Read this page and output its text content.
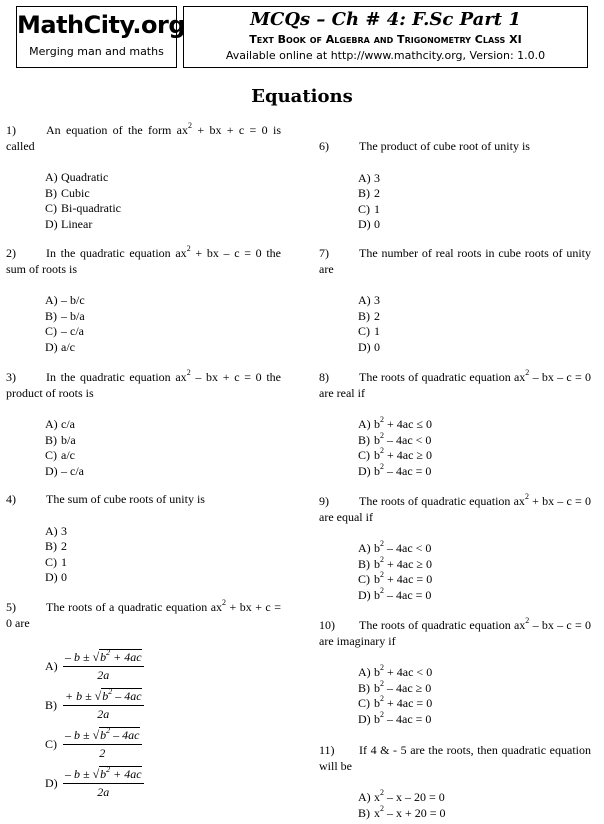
MathCity.org
Merging man and maths
MCQs – Ch # 4: F.Sc Part 1
Text Book of Algebra and Trigonometry Class XI
Available online at http://www.mathcity.org, Version: 1.0.0
Equations
1)	An equation of the form $ax^2$ + bx + c = 0 is called
A) Quadratic
B) Cubic
C) Bi-quadratic
D) Linear
2)	In the quadratic equation $ax^2$ + bx – c = 0 the sum of roots is
A) – b/c
B) – b/a
C) – c/a
D) a/c
3)	In the quadratic equation $ax^2$ – bx + c = 0 the product of roots is
A) c/a
B) b/a
C) a/c
D) – c/a
4)	The sum of cube roots of unity is
A) 3
B) 2
C) 1
D) 0
5)	The roots of a quadratic equation $ax^2$ + bx + c = 0 are
$A) \frac{- b \pm √b^2 + 4ac}{2a}$
$B) \frac{+ b \pm √b^2 - 4ac}{2a}$
$C) \frac{- b \pm √b^2 - 4ac}{2}$
$D) \frac{- b \pm √b^2 + 4ac}{2a}$
6)	The product of cube root of unity is
A) 3
B) 2
C) 1
D) 0
7)	The number of real roots in cube roots of unity are
A) 3
B) 2
C) 1
D) 0
8)	The roots of quadratic equation $ax^2$ – bx – c = 0 are real if
A) $b^2 + 4ac \le 0$
B) $b^2 - 4ac < 0$
C) $b^2 + 4ac \ge 0$
D) $b^2 - 4ac = 0$
9)	The roots of quadratic equation $ax^2$ + bx – c = 0 are equal if
A) $b^2 - 4ac < 0$
B) $b^2 + 4ac \ge 0$
C) $b^2 + 4ac = 0$
D) $b^2 - 4ac = 0$
10) The roots of quadratic equation $ax^2$ – bx – c = 0 are imaginary if
A) $b^2 + 4ac < 0$
B) $b^2 - 4ac \ge 0$
C) $b^2 + 4ac = 0$
D) $b^2 - 4ac = 0$
11) If 4 & - 5 are the roots, then quadratic equation will be
A) $x^2 - x - 20 = 0$
B) $x^2 - x + 20 = 0$
